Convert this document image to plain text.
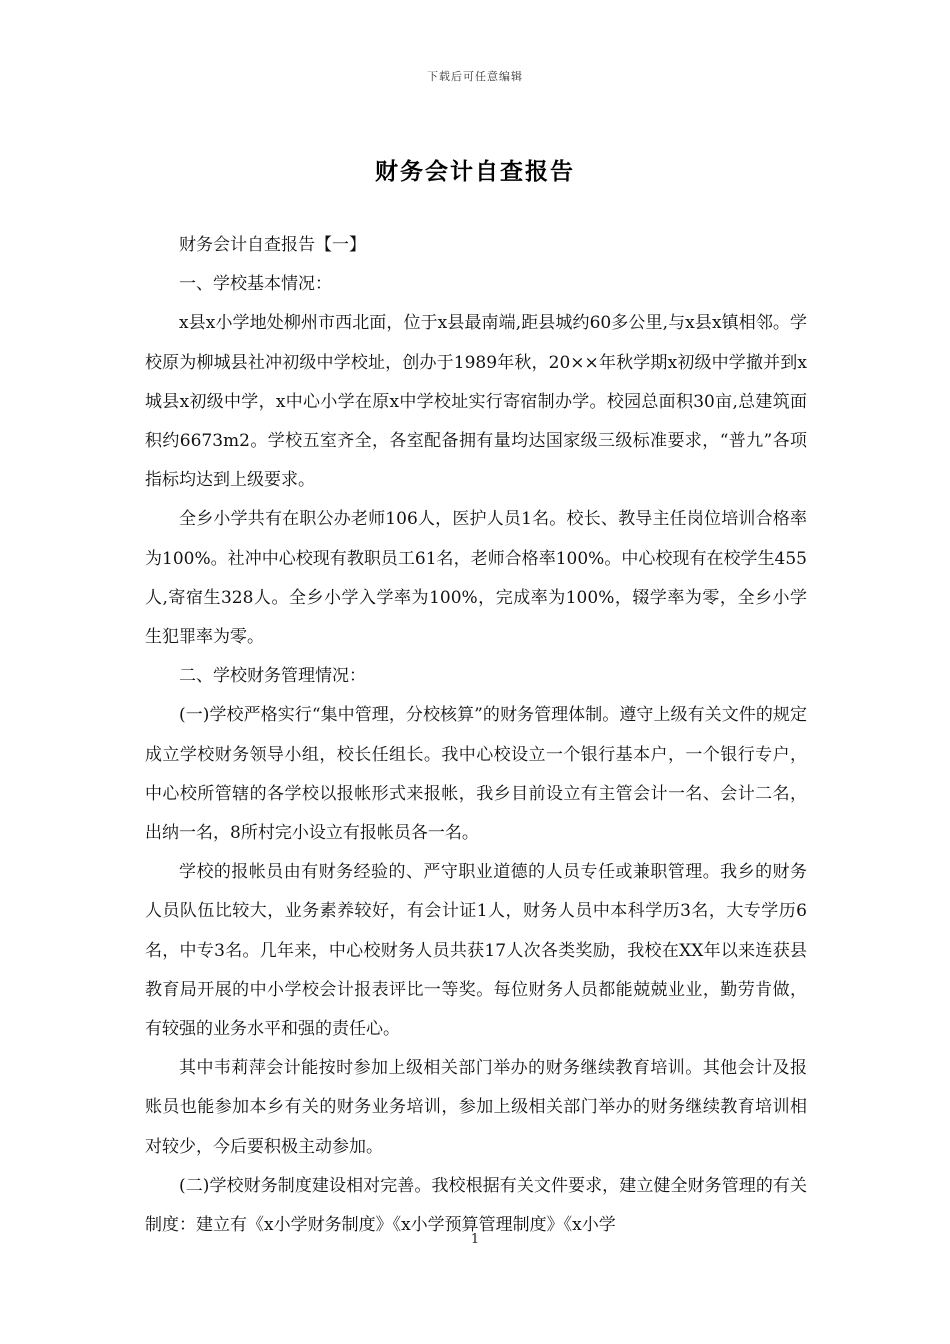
下载后可任意编辑
财务会计自查报告

财务会计自查报告【一】

一、学校基本情况：

x县x小学地处柳州市西北面，位于x县最南端,距县城约60多公里,与x县x镇相邻。学校原为柳城县社冲初级中学校址，创办于1989年秋，20××年秋学期x初级中学撤并到x城县x初级中学，x中心小学在原x中学校址实行寄宿制办学。校园总面积30亩,总建筑面积约6673m2。学校五室齐全，各室配备拥有量均达国家级三级标准要求，“普九”各项指标均达到上级要求。

全乡小学共有在职公办老师106人，医护人员1名。校长、教导主任岗位培训合格率为100%。社冲中心校现有教职员工61名，老师合格率100%。中心校现有在校学生455人,寄宿生328人。全乡小学入学率为100%，完成率为100%，辍学率为零，全乡小学生犯罪率为零。

二、学校财务管理情况：

(一)学校严格实行“集中管理，分校核算”的财务管理体制。遵守上级有关文件的规定成立学校财务领导小组，校长任组长。我中心校设立一个银行基本户，一个银行专户，中心校所管辖的各学校以报帐形式来报帐，我乡目前设立有主管会计一名、会计二名，出纳一名，8所村完小设立有报帐员各一名。

学校的报帐员由有财务经验的、严守职业道德的人员专任或兼职管理。我乡的财务人员队伍比较大，业务素养较好，有会计证1人，财务人员中本科学历3名，大专学历6名，中专3名。几年来，中心校财务人员共获17人次各类奖励，我校在XX年以来连获县教育局开展的中小学校会计报表评比一等奖。每位财务人员都能兢兢业业，勤劳肯做，有较强的业务水平和强的责任心。

其中韦莉萍会计能按时参加上级相关部门举办的财务继续教育培训。其他会计及报账员也能参加本乡有关的财务业务培训，参加上级相关部门举办的财务继续教育培训相对较少，今后要积极主动参加。

(二)学校财务制度建设相对完善。我校根据有关文件要求，建立健全财务管理的有关制度：建立有《x小学财务制度》《x小学预算管理制度》《x小学

1
